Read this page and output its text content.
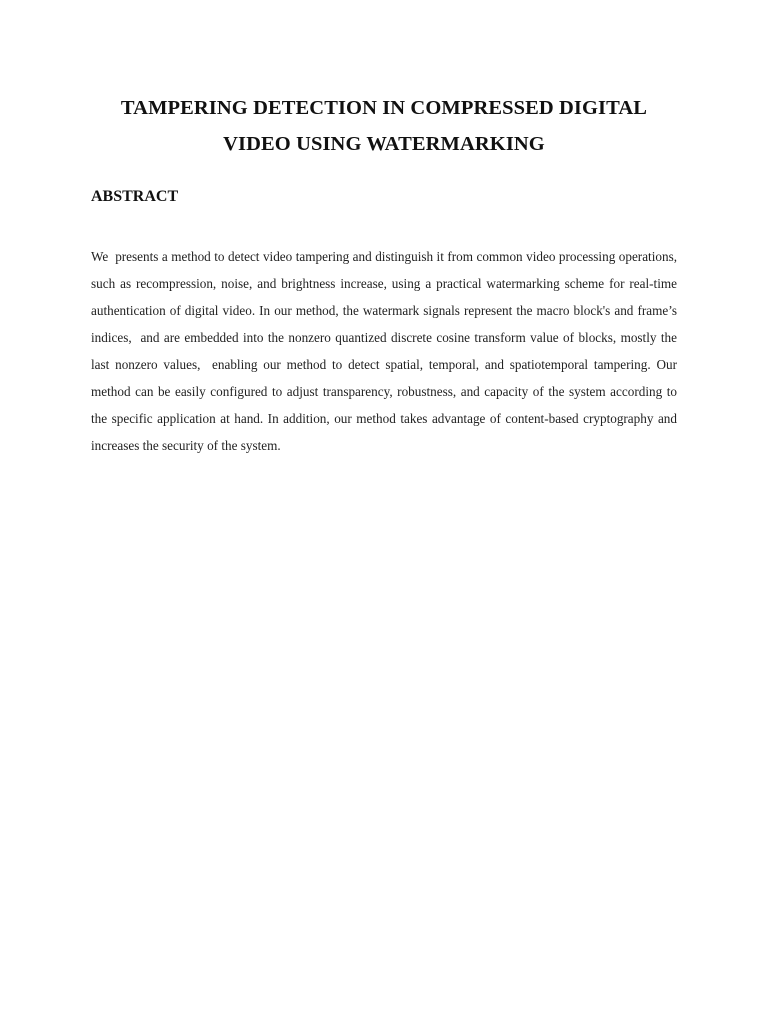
TAMPERING DETECTION IN COMPRESSED DIGITAL
VIDEO USING WATERMARKING
ABSTRACT

We  presents a method to detect video tampering and distinguish it from common video processing operations, such as recompression, noise, and brightness increase, using a practical watermarking scheme for real-time authentication of digital video. In our method, the watermark signals represent the macro block's and frame’s indices,  and are embedded into the nonzero quantized discrete cosine transform value of blocks, mostly the last nonzero values,  enabling our method to detect spatial, temporal, and spatiotemporal tampering. Our method can be easily configured to adjust transparency, robustness, and capacity of the system according to the specific application at hand. In addition, our method takes advantage of content-based cryptography and increases the security of the system.
